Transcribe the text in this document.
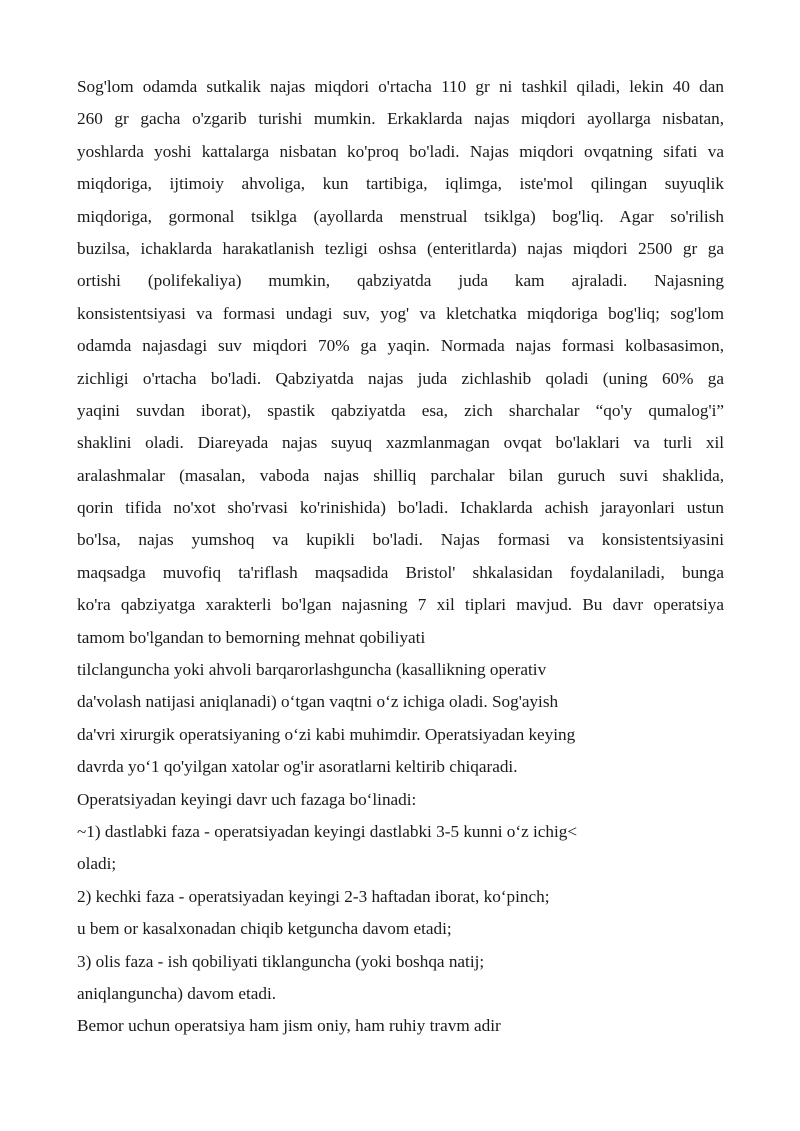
Sog'lom odamda sutkalik najas miqdori o'rtacha 110 gr ni tashkil qiladi, lekin 40 dan
260 gr gacha o'zgarib turishi mumkin. Erkaklarda najas miqdori ayollarga nisbatan,
yoshlarda yoshi kattalarga nisbatan ko'proq bo'ladi. Najas miqdori ovqatning sifati va
miqdoriga, ijtimoiy ahvoliga, kun tartibiga, iqlimga, iste'mol qilingan suyuqlik
miqdoriga, gormonal tsiklga (ayollarda menstrual tsiklga) bog'liq. Agar so'rilish
buzilsa, ichaklarda harakatlanish tezligi oshsa (enteritlarda) najas miqdori 2500 gr ga
ortishi (polifekaliya) mumkin, qabziyatda juda kam ajraladi. Najasning
konsistentsiyasi va formasi undagi suv, yog' va kletchatka miqdoriga bog'liq; sog'lom
odamda najasdagi suv miqdori 70% ga yaqin. Normada najas formasi kolbasasimon,
zichligi o'rtacha bo'ladi. Qabziyatda najas juda zichlashib qoladi (uning 60% ga
yaqini suvdan iborat), spastik qabziyatda esa, zich sharchalar “qo'y qumalog'i”
shaklini oladi. Diareyada najas suyuq xazmlanmagan ovqat bo'laklari va turli xil
aralashmalar (masalan, vaboda najas shilliq parchalar bilan guruch suvi shaklida,
qorin tifida no'xot sho'rvasi ko'rinishida) bo'ladi. Ichaklarda achish jarayonlari ustun
bo'lsa, najas yumshoq va kupikli bo'ladi. Najas formasi va konsistentsiyasini
maqsadga muvofiq ta'riflash maqsadida Bristol' shkalasidan foydalaniladi, bunga
ko'ra qabziyatga xarakterli bo'lgan najasning 7 xil tiplari mavjud. Bu davr operatsiya
tamom bo'lgandan to bemorning mehnat qobiliyati
tilclanguncha yoki ahvoli barqarorlashguncha (kasallikning operativ
da'volash natijasi aniqlanadi) o‘tgan vaqtni o‘z ichiga oladi. Sog'ayish
da'vri xirurgik operatsiyaning o‘zi kabi muhimdir. Operatsiyadan keying
davrda yo‘1 qo'yilgan xatolar og'ir asoratlarni keltirib chiqaradi.
Operatsiyadan keyingi davr uch fazaga bo‘linadi:
~1) dastlabki faza - operatsiyadan keyingi dastlabki 3-5 kunni o‘z ichig<
oladi;
2) kechki faza - operatsiyadan keyingi 2-3 haftadan iborat, ko‘pinch;
u bem or kasalxonadan chiqib ketguncha davom etadi;
3) olis faza - ish qobiliyati tiklanguncha (yoki boshqa natij;
aniqlanguncha) davom etadi.
Bemor uchun operatsiya ham jism oniy, ham ruhiy travm adir
